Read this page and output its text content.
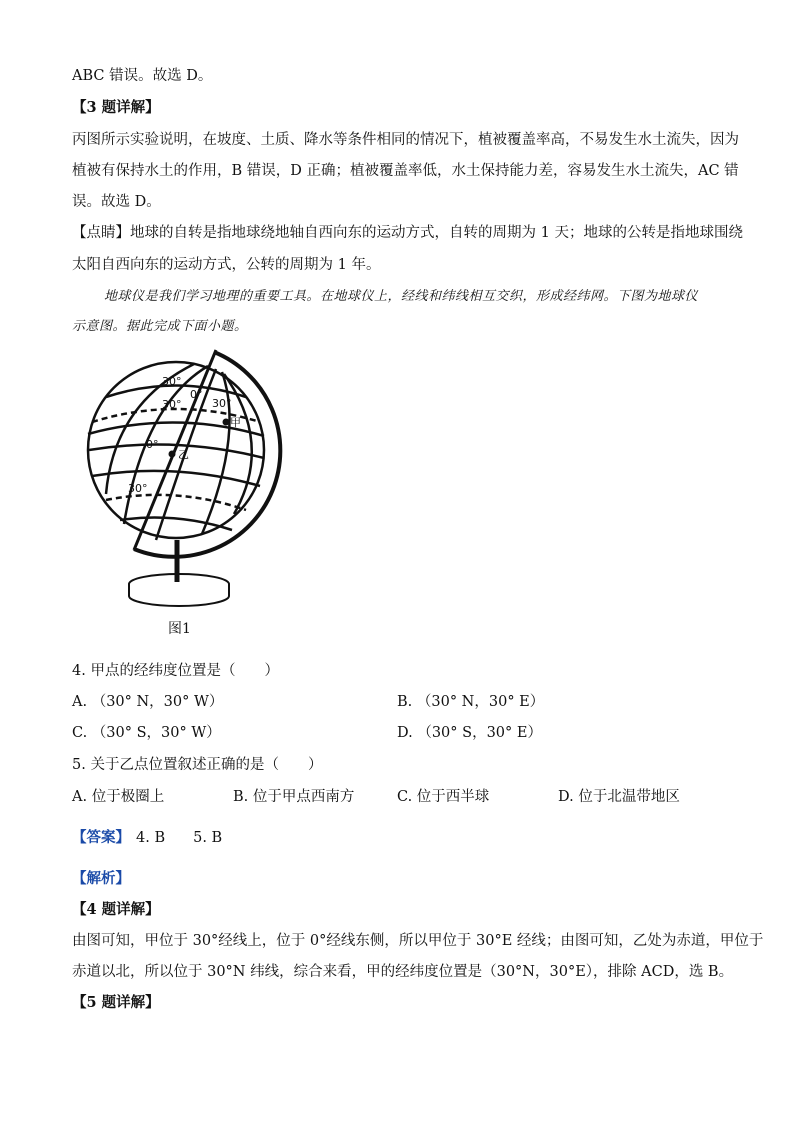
ABC 错误。故选 D。
【3 题详解】
丙图所示实验说明，在坡度、土质、降水等条件相同的情况下，植被覆盖率高，不易发生水土流失，因为
植被有保持水土的作用，B 错误，D 正确；植被覆盖率低，水土保持能力差，容易发生水土流失，AC 错
误。故选 D。
【点睛】地球的自转是指地球绕地轴自西向东的运动方式，自转的周期为 1 天；地球的公转是指地球围绕
太阳自西向东的运动方式，公转的周期为 1 年。
地球仪是我们学习地理的重要工具。在地球仪上，经线和纬线相互交织，形成经纬网。下图为地球仪
示意图。据此完成下面小题。
30°
0°
30°	30°
甲
0°
乙
30°
图1
4. 甲点的经纬度位置是（　　）
A. （30° N，30° W）	B. （30° N，30° E）
C. （30° S，30° W）	D. （30° S，30° E）
5. 关于乙点位置叙述正确的是（　　）
A. 位于极圈上	B. 位于甲点西南方	C. 位于西半球	D. 位于北温带地区
【答案】 4. B 5. B
【解析】
【4 题详解】
由图可知，甲位于 30°经线上，位于 0°经线东侧，所以甲位于 30°E 经线；由图可知，乙处为赤道，甲位于
赤道以北，所以位于 30°N 纬线，综合来看，甲的经纬度位置是（30°N，30°E），排除 ACD，选 B。
【5 题详解】
